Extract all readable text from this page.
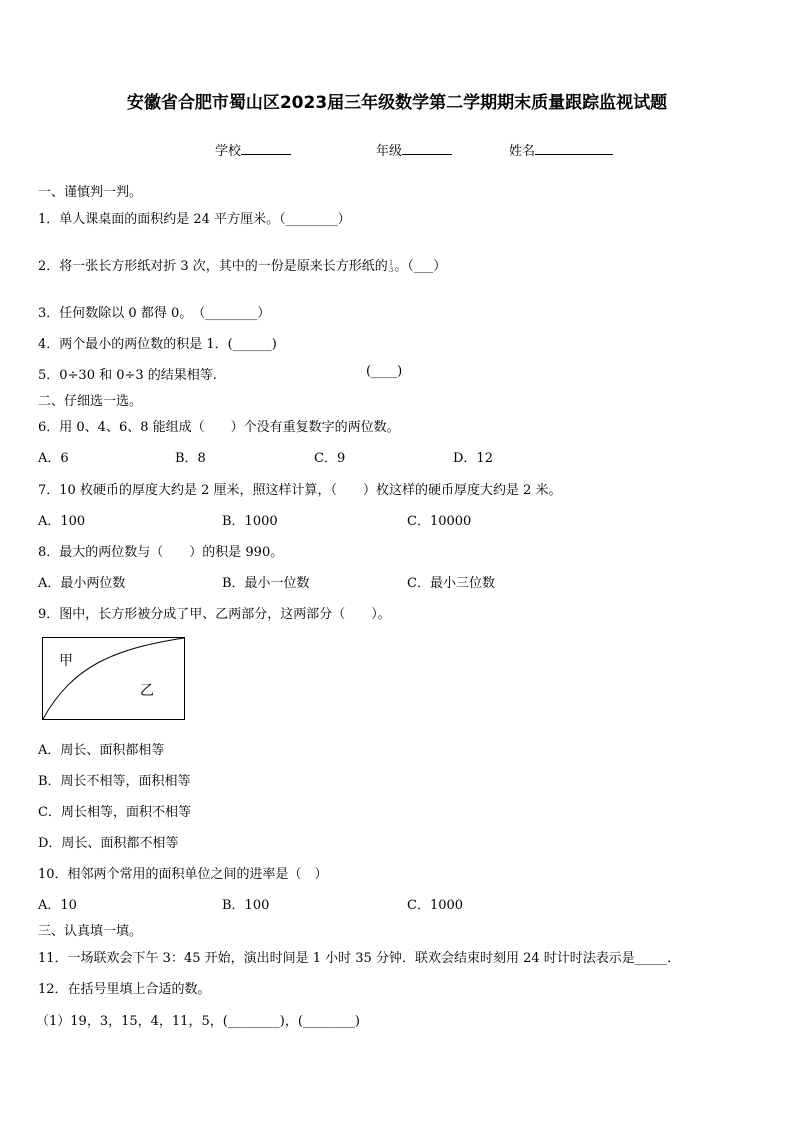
安徽省合肥市蜀山区2023届三年级数学第二学期期末质量跟踪监视试题
学校	年级	姓名
一、谨慎判一判。
1．单人课桌面的面积约是 24 平方厘米。（________）
2．将一张长方形纸对折 3 次，其中的一份是原来长方形纸的 1
3 。（___）
3．任何数除以 0 都得 0。　（________）
4．两个最小的两位数的积是 1．(______)
5．0÷30 和 0÷3 的结果相等.	(____)
二、仔细选一选。
6．用 0、4、6、8 能组成（　　）个没有重复数字的两位数。
A．6	B．8	C．9	D．12
7．10 枚硬币的厚度大约是 2 厘米，照这样计算，（　　）枚这样的硬币厚度大约是 2 米。
A．100	B．1000	C．10000
8．最大的两位数与（　　）的积是 990。
A．最小两位数	B．最小一位数	C．最小三位数
9．图中，长方形被分成了甲、乙两部分，这两部分（　　）。
甲
乙
A．周长、面积都相等
B．周长不相等，面积相等
C．周长相等，面积不相等
D．周长、面积都不相等
10．相邻两个常用的面积单位之间的进率是（　）
A．10	B．100	C．1000
三、认真填一填。
11．一场联欢会下午 3：45 开始，演出时间是 1 小时 35 分钟．联欢会结束时刻用 24 时计时法表示是_____．
12．在括号里填上合适的数。
（1）19，3，15，4，11，5，(________)，(________)
